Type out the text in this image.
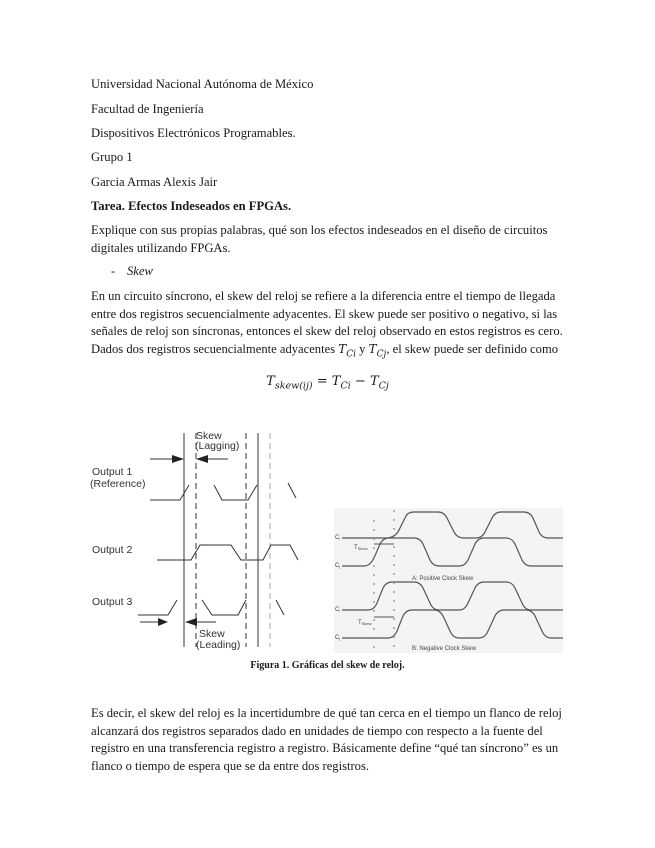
Universidad Nacional Autónoma de México
Facultad de Ingeniería
Dispositivos Electrónicos Programables.
Grupo 1
Garcia Armas Alexis Jair
Tarea. Efectos Indeseados en FPGAs.
Explique con sus propias palabras, qué son los efectos indeseados en el diseño de circuitos digitales utilizando FPGAs.
- Skew
En un circuito síncrono, el skew del reloj se refiere a la diferencia entre el tiempo de llegada entre dos registros secuencialmente adyacentes. El skew puede ser positivo o negativo, si las señales de reloj son síncronas, entonces el skew del reloj observado en estos registros es cero. Dados dos registros secuencialmente adyacentes $T_{Ci}$ y $T_{Cj}$, el skew puede ser definido como
$T_{skew(ij)} = T_{Ci} - T_{Cj}$
Skew
(Lagging)
Output 1
(Reference)
Output 2
Output 3
Skew
(Leading)
Ci
Cj
TSkew
A: Positive Clock Skew
Ci
Cj
TSkew
B: Negative Clock Skew
Figura 1. Gráficas del skew de reloj.
Es decir, el skew del reloj es la incertidumbre de qué tan cerca en el tiempo un flanco de reloj alcanzará dos registros separados dado en unidades de tiempo con respecto a la fuente del registro en una transferencia registro a registro. Básicamente define “qué tan síncrono” es un flanco o tiempo de espera que se da entre dos registros.
